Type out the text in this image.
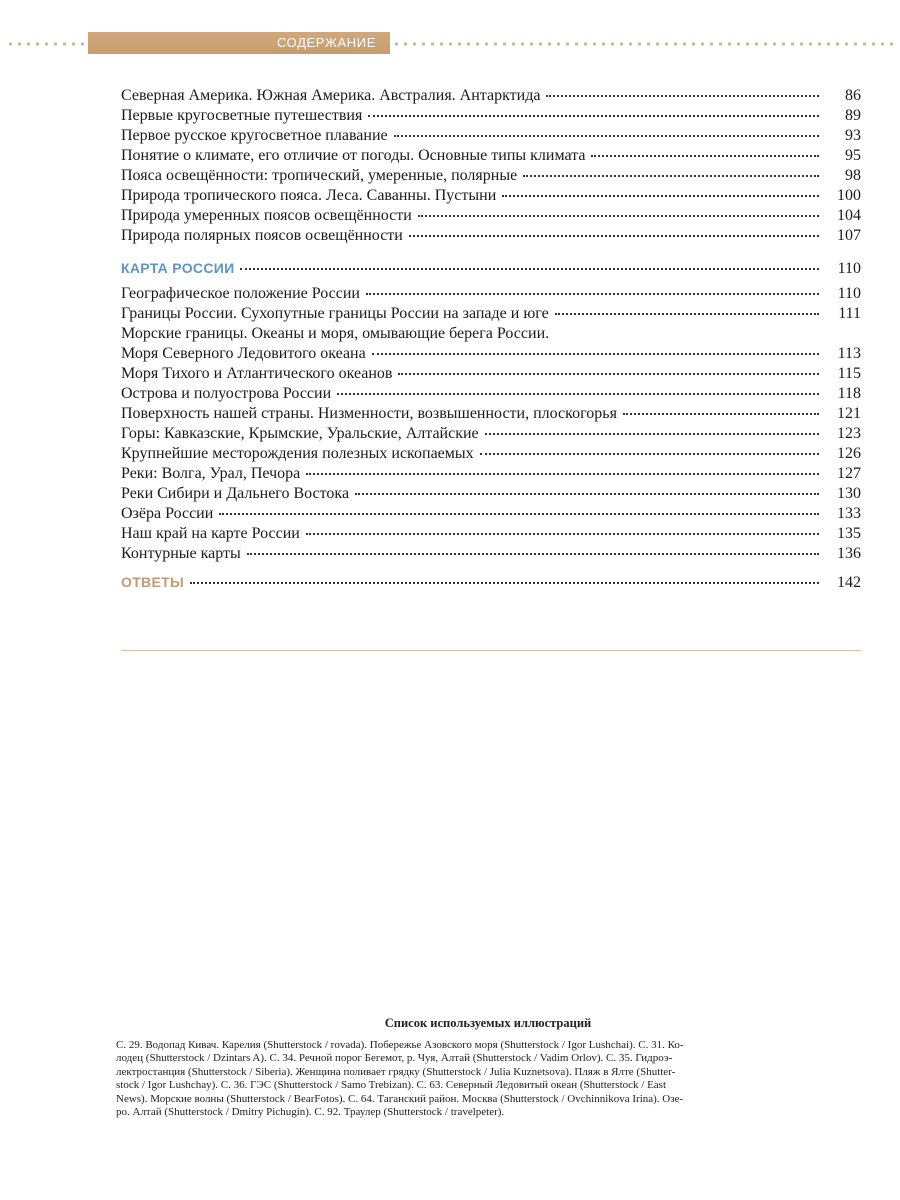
СОДЕРЖАНИЕ
Северная Америка. Южная Америка. Австралия. Антарктида	86
Первые кругосветные путешествия	89
Первое русское кругосветное плавание	93
Понятие о климате, его отличие от погоды. Основные типы климата	95
Пояса освещённости: тропический, умеренные, полярные	98
Природа тропического пояса. Леса. Саванны. Пустыни	100
Природа умеренных поясов освещённости	104
Природа полярных поясов освещённости	107
КАРТА РОССИИ	110
Географическое положение России	110
Границы России. Сухопутные границы России на западе и юге	111
Морские границы. Океаны и моря, омывающие берега России.
Моря Северного Ледовитого океана	113
Моря Тихого и Атлантического океанов	115
Острова и полуострова России	118
Поверхность нашей страны. Низменности, возвышенности, плоскогорья	121
Горы: Кавказские, Крымские, Уральские, Алтайские	123
Крупнейшие месторождения полезных ископаемых	126
Реки: Волга, Урал, Печора	127
Реки Сибири и Дальнего Востока	130
Озёра России	133
Наш край на карте России	135
Контурные карты	136
ОТВЕТЫ	142
Список используемых иллюстраций
С. 29. Водопад Кивач. Карелия (Shutterstock / rovada). Побережье Азовского моря (Shutterstock / Igor Lushchai). С. 31. Ко-
лодец (Shutterstock / Dzintars A). С. 34. Речной порог Бегемот, р. Чуя, Алтай (Shutterstock / Vadim Orlov). С. 35. Гидроэ-
лектростанция (Shutterstock / Siberia). Женщина поливает грядку (Shutterstock / Julia Kuznetsova). Пляж в Ялте (Shutter-
stock / Igor Lushchay). С. 36. ГЭС (Shutterstock / Samo Trebizan). С. 63. Северный Ледовитый океан (Shutterstock / East
News). Морские волны (Shutterstock / BearFotos). С. 64. Таганский район. Москва (Shutterstock / Ovchinnikova Irina). Озе-
ро. Алтай (Shutterstock / Dmitry Pichugin). С. 92. Траулер (Shutterstock / travelpeter).
